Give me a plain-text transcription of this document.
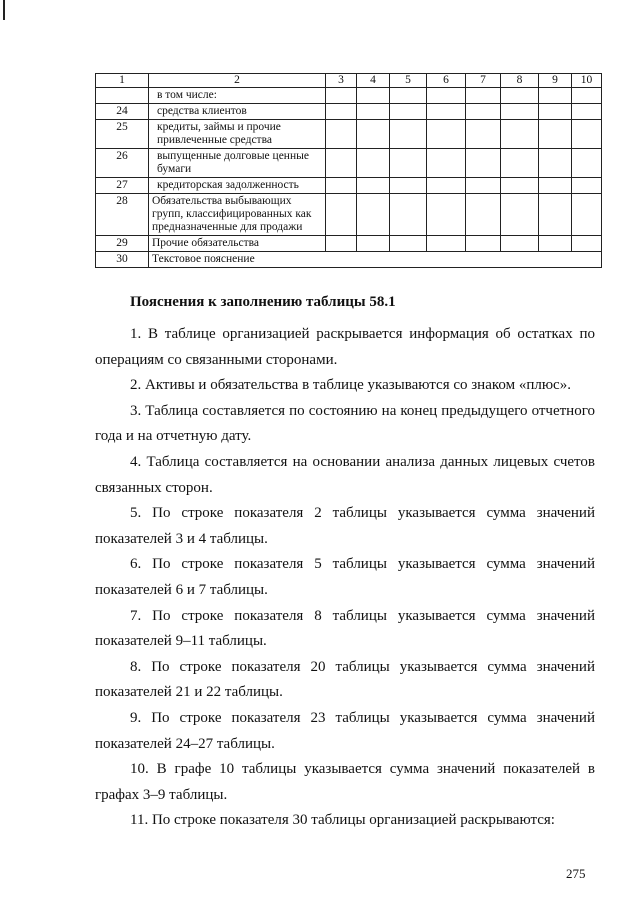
1	2	3	4	5	6	7	8	9	10
	в том числе:								
24	средства клиентов								
25	кредиты, займы и прочие привлеченные средства								
26	выпущенные долговые ценные бумаги								
27	кредиторская задолженность								
28	Обязательства выбывающих групп, классифицированных как предназначенные для продажи								
29	Прочие обязательства								
30	Текстовое пояснение								
Пояснения к заполнению таблицы 58.1

1. В таблице организацией раскрывается информация об остатках по операциям со связанными сторонами.

2. Активы и обязательства в таблице указываются со знаком «плюс».

3. Таблица составляется по состоянию на конец предыдущего отчетного года и на отчетную дату.

4. Таблица составляется на основании анализа данных лицевых счетов связанных сторон.

5. По строке показателя 2 таблицы указывается сумма значений показателей 3 и 4 таблицы.

6. По строке показателя 5 таблицы указывается сумма значений показателей 6 и 7 таблицы.

7. По строке показателя 8 таблицы указывается сумма значений показателей 9–11 таблицы.

8. По строке показателя 20 таблицы указывается сумма значений показателей 21 и 22 таблицы.

9. По строке показателя 23 таблицы указывается сумма значений показателей 24–27 таблицы.

10. В графе 10 таблицы указывается сумма значений показателей в графах 3–9 таблицы.

11. По строке показателя 30 таблицы организацией раскрываются:

275
